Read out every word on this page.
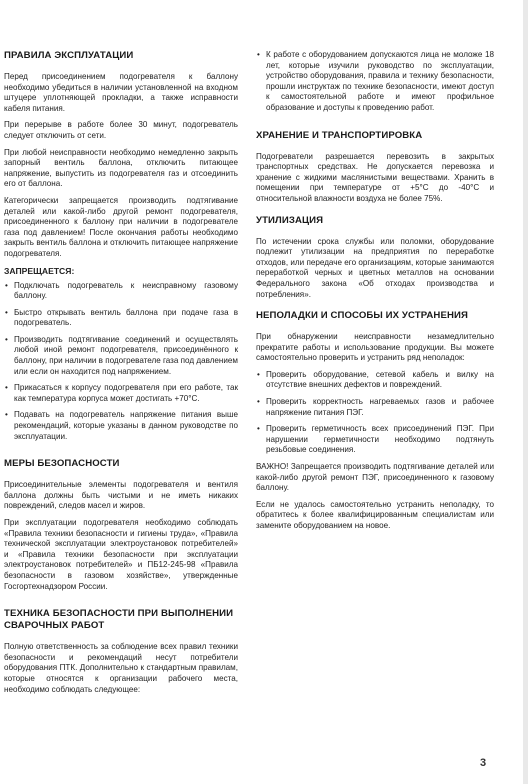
ПРАВИЛА ЭКСПЛУАТАЦИИ

Перед присоединением подогревателя к баллону необходимо убедиться в наличии установленной на входном штуцере уплотняющей прокладки, а также исправности кабеля питания.

При перерыве в работе более 30 минут, подогреватель следует отключить от сети.

При любой неисправности необходимо немедленно закрыть запорный вентиль баллона, отключить питающее напряжение, выпустить из подогревателя газ и отсоединить его от баллона.

Категорически запрещается производить подтягивание деталей или какой-либо другой ремонт подогревателя, присоединенного к баллону при наличии в подогревателе газа под давлением! После окончания работы необходимо закрыть вентиль баллона и отключить питающее напряжение подогревателя.

ЗАПРЕЩАЕТСЯ:
• Подключать подогреватель к неисправному газовому баллону.
• Быстро открывать вентиль баллона при подаче газа в подогреватель.
• Производить подтягивание соединений и осуществлять любой иной ремонт подогревателя, присоединённого к баллону, при наличии в подогревателе газа под давлением или если он находится под напряжением.
• Прикасаться к корпусу подогревателя при его работе, так как температура корпуса может достигать +70°С.
• Подавать на подогреватель напряжение питания выше рекомендаций, которые указаны в данном руководстве по эксплуатации.
МЕРЫ БЕЗОПАСНОСТИ

Присоединительные элементы подогревателя и вентиля баллона должны быть чистыми и не иметь никаких повреждений, следов масел и жиров.

При эксплуатации подогревателя необходимо соблюдать «Правила техники безопасности и гигиены труда», «Правила технической эксплуатации электроустановок потребителей» и «Правила техники безопасности при эксплуатации электроустановок потребителей» и ПБ12-245-98 «Правила безопасности в газовом хозяйстве», утвержденные Госгортехнадзором России.

ТЕХНИКА БЕЗОПАСНОСТИ ПРИ ВЫПОЛНЕНИИ СВАРОЧНЫХ РАБОТ

Полную ответственность за соблюдение всех правил техники безопасности и рекомендаций несут потребители оборудования ПТК. Дополнительно к стандартным правилам, которые относятся к организации рабочего места, необходимо соблюдать следующее:

• К работе с оборудованием допускаются лица не моложе 18 лет, которые изучили руководство по эксплуатации, устройство оборудования, правила и технику безопасности, прошли инструктаж по технике безопасности, имеют доступ к самостоятельной работе и имеют профильное образование и доступы к проведению работ.
ХРАНЕНИЕ И ТРАНСПОРТИРОВКА

Подогреватели разрешается перевозить в закрытых транспортных средствах. Не допускается перевозка и хранение с жидкими маслянистыми веществами. Хранить в помещении при температуре от +5°С до -40°С и относительной влажности воздуха не более 75%.

УТИЛИЗАЦИЯ

По истечении срока службы или поломки, оборудование подлежит утилизации на предприятия по переработке отходов, или передаче его организациям, которые занимаются переработкой черных и цветных металлов на основании Федерального закона «Об отходах производства и потребления».

НЕПОЛАДКИ И СПОСОБЫ ИХ УСТРАНЕНИЯ

При обнаружении неисправности незамедлительно прекратите работы и использование продукции. Вы можете самостоятельно проверить и устранить ряд неполадок:

• Проверить оборудование, сетевой кабель и вилку на отсутствие внешних дефектов и повреждений.
• Проверить корректность нагреваемых газов и рабочее напряжение питания ПЭГ.
• Проверить герметичность всех присоединений ПЭГ. При нарушении герметичности необходимо подтянуть резьбовые соединения.

ВАЖНО! Запрещается производить подтягивание деталей или какой-либо другой ремонт ПЭГ, присоединенного к газовому баллону.

Если не удалось самостоятельно устранить неполадку, то обратитесь к более квалифицированным специалистам или замените оборудованием на новое.

3
